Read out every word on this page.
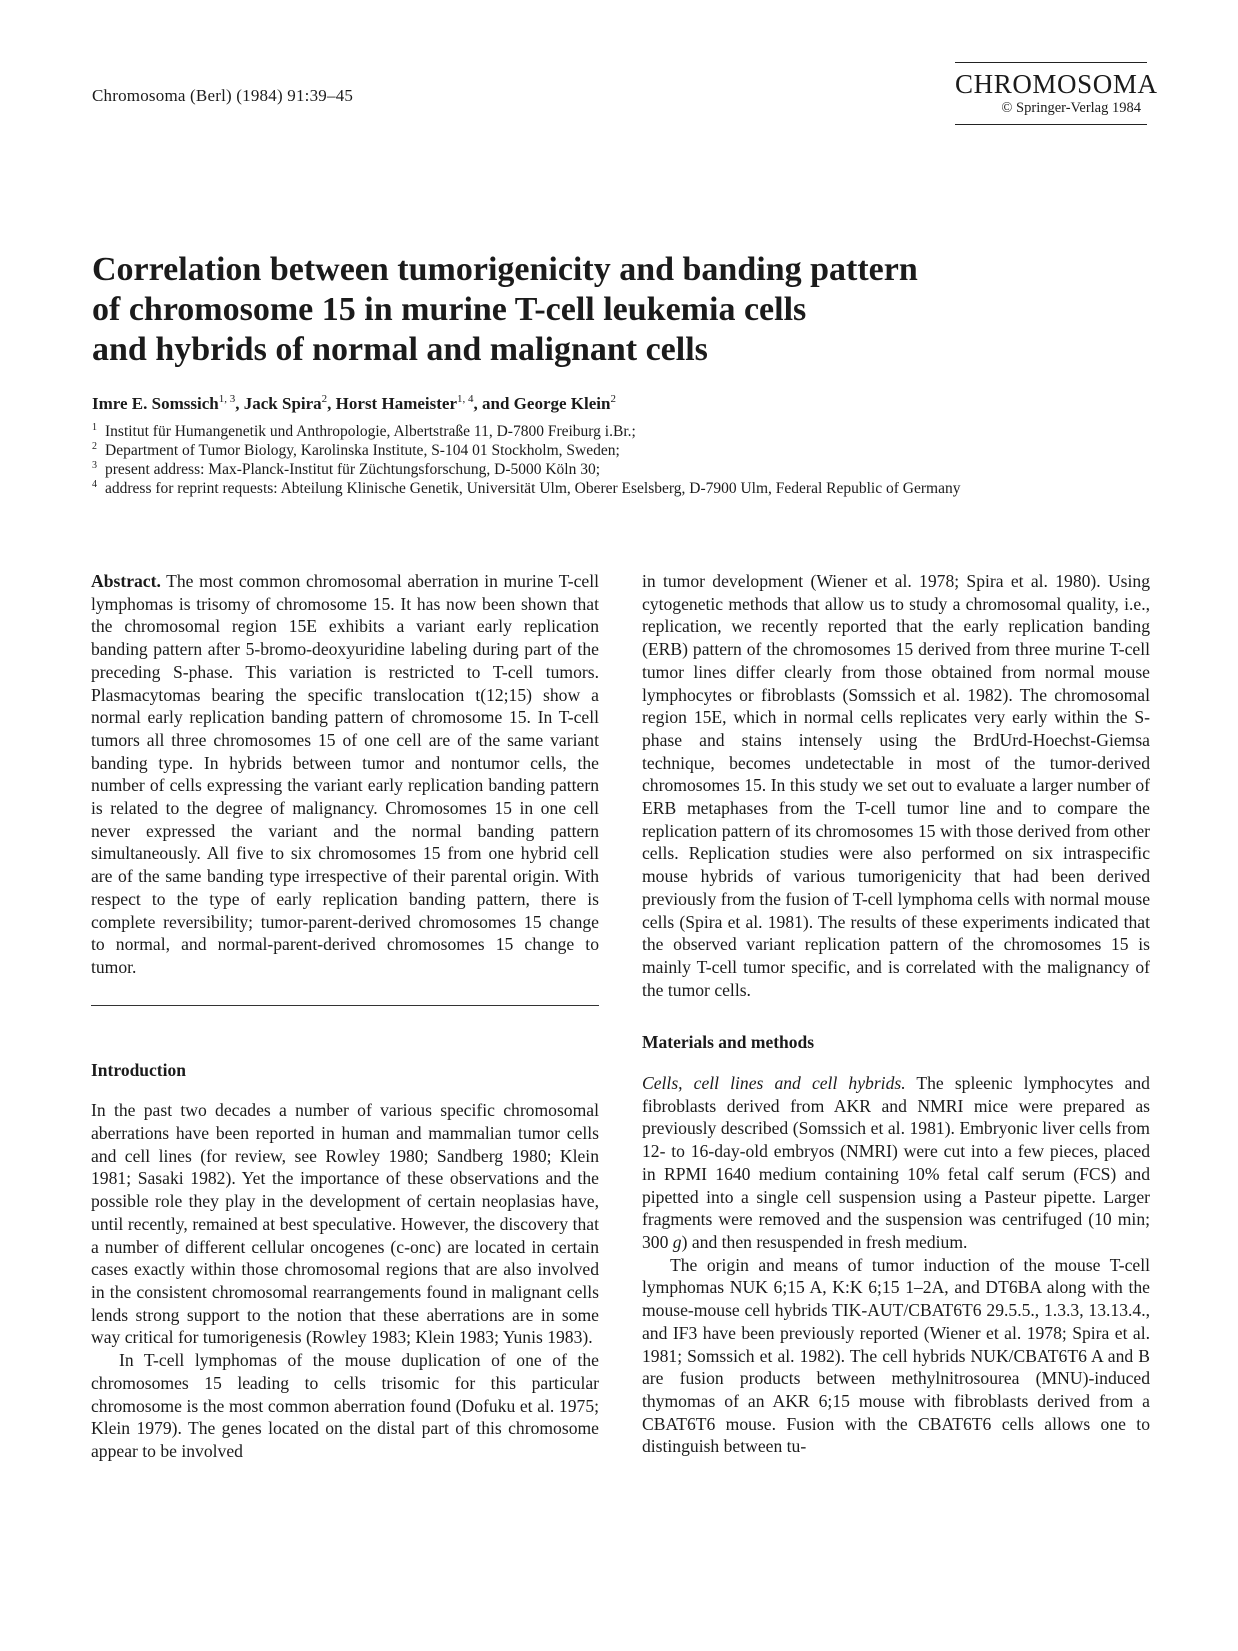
Chromosoma (Berl) (1984) 91:39–45	CHROMOSOMA
© Springer-Verlag 1984
Correlation between tumorigenicity and banding pattern
of chromosome 15 in murine T-cell leukemia cells
and hybrids of normal and malignant cells
Imre E. Somssich$^{1, 3}$, Jack Spira$^2$, Horst Hameister$^{1, 4}$, and George Klein$^2$
$^1$ Institut für Humangenetik und Anthropologie, Albertstraße 11, D-7800 Freiburg i.Br.;
$^2$ Department of Tumor Biology, Karolinska Institute, S-104 01 Stockholm, Sweden;
$^3$ present address: Max-Planck-Institut für Züchtungsforschung, D-5000 Köln 30;
$^4$ address for reprint requests: Abteilung Klinische Genetik, Universität Ulm, Oberer Eselsberg, D-7900 Ulm, Federal Republic of Germany

Abstract. The most common chromosomal aberration in murine T-cell lymphomas is trisomy of chromosome 15. It has now been shown that the chromosomal region 15E exhibits a variant early replication banding pattern after 5-bromo-deoxyuridine labeling during part of the preceding S-phase. This variation is restricted to T-cell tumors. Plasmacytomas bearing the specific translocation t(12;15) show a normal early replication banding pattern of chromosome 15. In T-cell tumors all three chromosomes 15 of one cell are of the same variant banding type. In hybrids between tumor and nontumor cells, the number of cells expressing the variant early replication banding pattern is related to the degree of malignancy. Chromosomes 15 in one cell never expressed the variant and the normal banding pattern simultaneously. All five to six chromosomes 15 from one hybrid cell are of the same banding type irrespective of their parental origin. With respect to the type of early replication banding pattern, there is complete reversibility; tumor-parent-derived chromosomes 15 change to normal, and normal-parent-derived chromosomes 15 change to tumor.

Introduction

In the past two decades a number of various specific chromosomal aberrations have been reported in human and mammalian tumor cells and cell lines (for review, see Rowley 1980; Sandberg 1980; Klein 1981; Sasaki 1982). Yet the importance of these observations and the possible role they play in the development of certain neoplasias have, until recently, remained at best speculative. However, the discovery that a number of different cellular oncogenes (c-onc) are located in certain cases exactly within those chromosomal regions that are also involved in the consistent chromosomal rearrangements found in malignant cells lends strong support to the notion that these aberrations are in some way critical for tumorigenesis (Rowley 1983; Klein 1983; Yunis 1983).

In T-cell lymphomas of the mouse duplication of one of the chromosomes 15 leading to cells trisomic for this particular chromosome is the most common aberration found (Dofuku et al. 1975; Klein 1979). The genes located on the distal part of this chromosome appear to be involved

in tumor development (Wiener et al. 1978; Spira et al. 1980). Using cytogenetic methods that allow us to study a chromosomal quality, i.e., replication, we recently reported that the early replication banding (ERB) pattern of the chromosomes 15 derived from three murine T-cell tumor lines differ clearly from those obtained from normal mouse lymphocytes or fibroblasts (Somssich et al. 1982). The chromosomal region 15E, which in normal cells replicates very early within the S-phase and stains intensely using the BrdUrd-Hoechst-Giemsa technique, becomes undetectable in most of the tumor-derived chromosomes 15. In this study we set out to evaluate a larger number of ERB metaphases from the T-cell tumor line and to compare the replication pattern of its chromosomes 15 with those derived from other cells. Replication studies were also performed on six intraspecific mouse hybrids of various tumorigenicity that had been derived previously from the fusion of T-cell lymphoma cells with normal mouse cells (Spira et al. 1981). The results of these experiments indicated that the observed variant replication pattern of the chromosomes 15 is mainly T-cell tumor specific, and is correlated with the malignancy of the tumor cells.

Materials and methods

Cells, cell lines and cell hybrids. The spleenic lymphocytes and fibroblasts derived from AKR and NMRI mice were prepared as previously described (Somssich et al. 1981). Embryonic liver cells from 12- to 16-day-old embryos (NMRI) were cut into a few pieces, placed in RPMI 1640 medium containing 10% fetal calf serum (FCS) and pipetted into a single cell suspension using a Pasteur pipette. Larger fragments were removed and the suspension was centrifuged (10 min; 300 g) and then resuspended in fresh medium.

The origin and means of tumor induction of the mouse T-cell lymphomas NUK 6;15 A, K:K 6;15 1–2A, and DT6BA along with the mouse-mouse cell hybrids TIK-AUT/CBAT6T6 29.5.5., 1.3.3, 13.13.4., and IF3 have been previously reported (Wiener et al. 1978; Spira et al. 1981; Somssich et al. 1982). The cell hybrids NUK/CBAT6T6 A and B are fusion products between methylnitrosourea (MNU)-induced thymomas of an AKR 6;15 mouse with fibroblasts derived from a CBAT6T6 mouse. Fusion with the CBAT6T6 cells allows one to distinguish between tu-
